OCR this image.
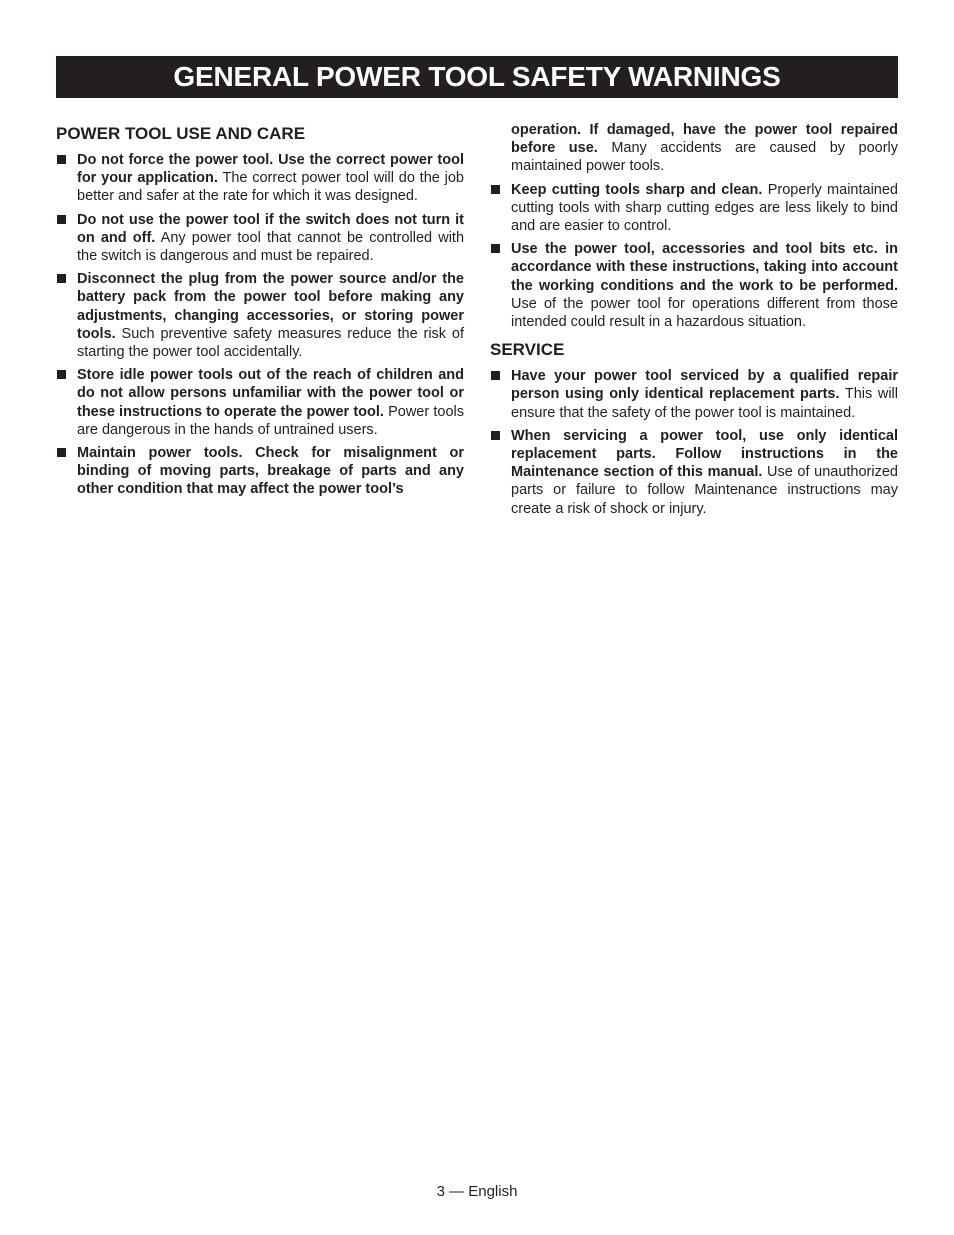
GENERAL POWER TOOL SAFETY WARNINGS
POWER TOOL USE AND CARE
Do not force the power tool. Use the correct power tool for your application. The correct power tool will do the job better and safer at the rate for which it was designed.
Do not use the power tool if the switch does not turn it on and off. Any power tool that cannot be controlled with the switch is dangerous and must be repaired.
Disconnect the plug from the power source and/or the battery pack from the power tool before making any adjustments, changing accessories, or storing power tools. Such preventive safety measures reduce the risk of starting the power tool accidentally.
Store idle power tools out of the reach of children and do not allow persons unfamiliar with the power tool or these instructions to operate the power tool. Power tools are dangerous in the hands of untrained users.
Maintain power tools. Check for misalignment or binding of moving parts, breakage of parts and any other condition that may affect the power tool’s
operation. If damaged, have the power tool repaired before use. Many accidents are caused by poorly maintained power tools.
Keep cutting tools sharp and clean. Properly maintained cutting tools with sharp cutting edges are less likely to bind and are easier to control.
Use the power tool, accessories and tool bits etc. in accordance with these instructions, taking into account the working conditions and the work to be performed. Use of the power tool for operations different from those intended could result in a hazardous situation.
SERVICE
Have your power tool serviced by a qualified repair person using only identical replacement parts. This will ensure that the safety of the power tool is maintained.
When servicing a power tool, use only identical replacement parts. Follow instructions in the Maintenance section of this manual. Use of unauthorized parts or failure to follow Maintenance instructions may create a risk of shock or injury.
3 — English
